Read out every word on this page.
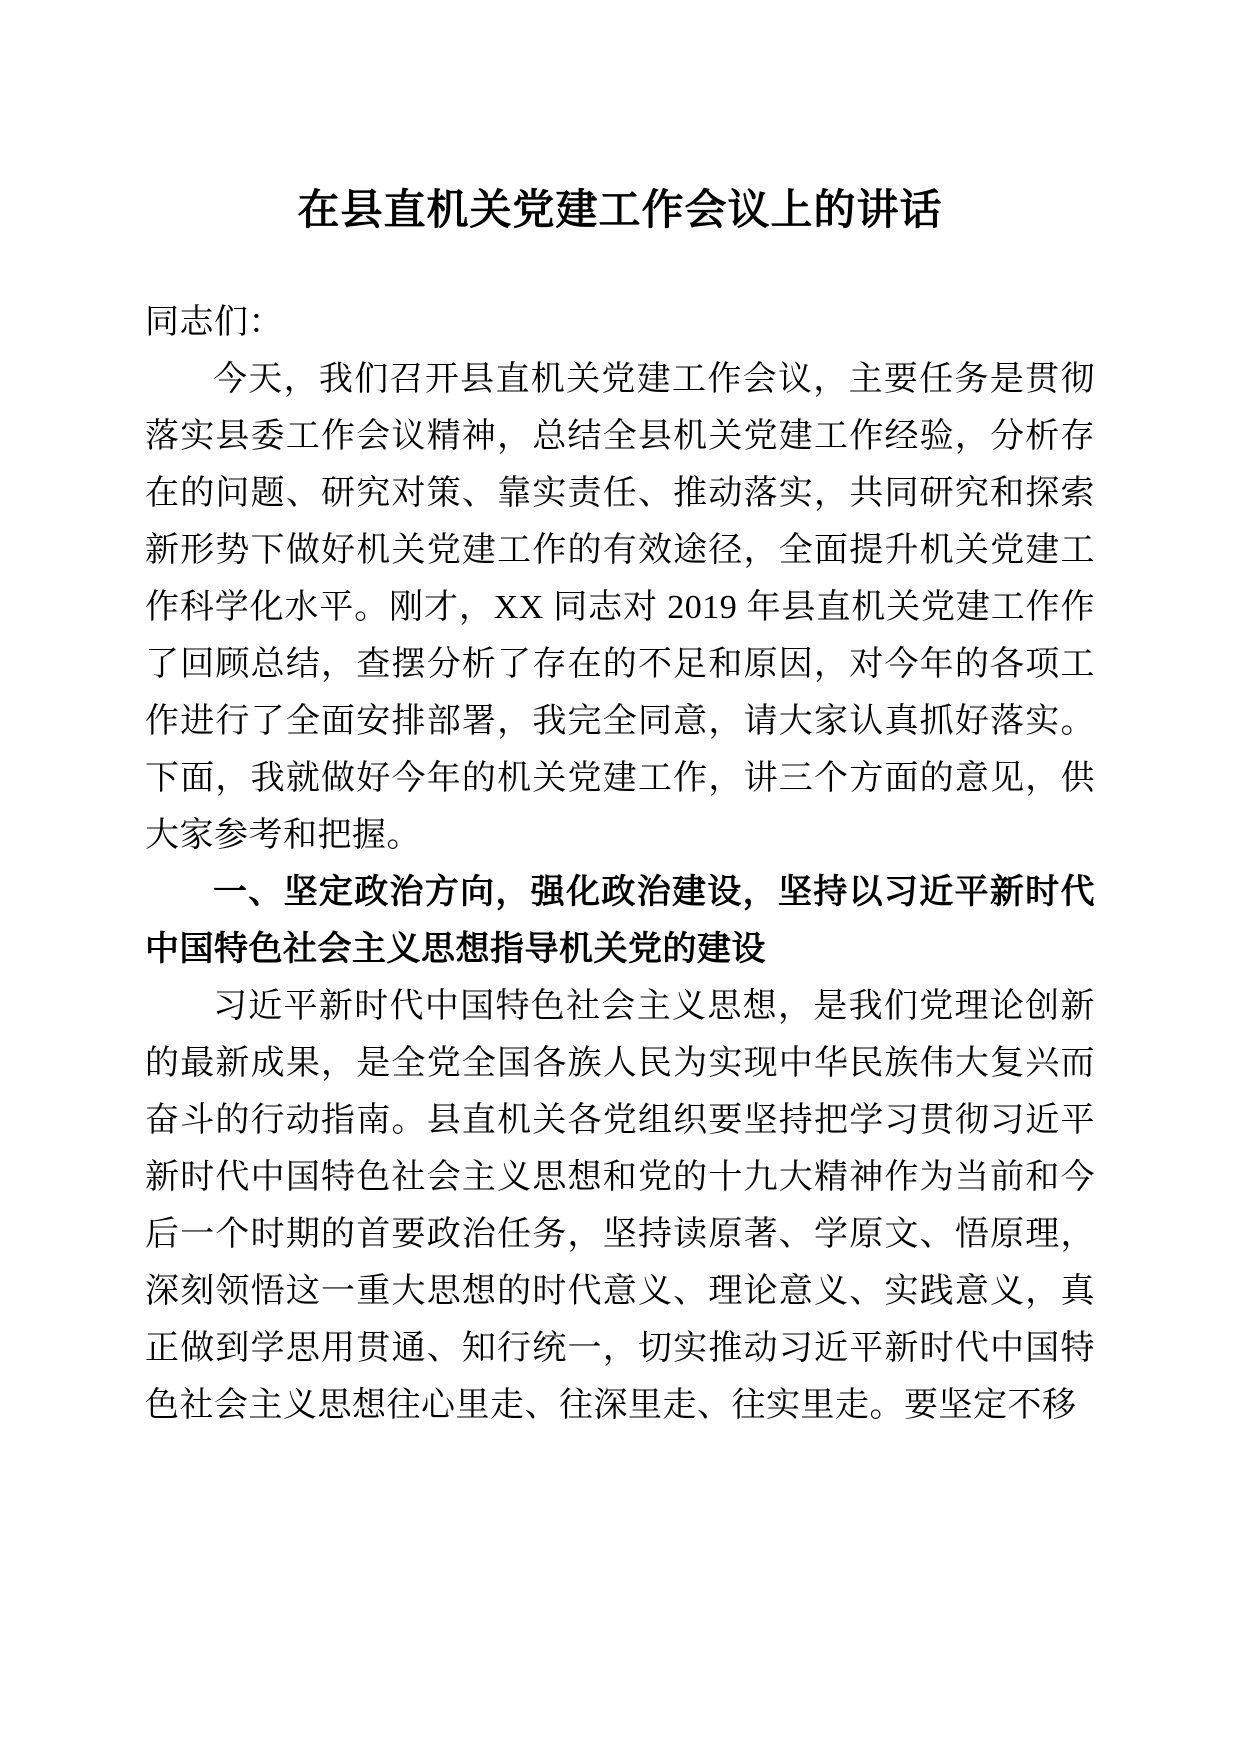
在县直机关党建工作会议上的讲话

同志们：

今天，我们召开县直机关党建工作会议，主要任务是贯彻落实县委工作会议精神，总结全县机关党建工作经验，分析存在的问题、研究对策、靠实责任、推动落实，共同研究和探索新形势下做好机关党建工作的有效途径，全面提升机关党建工作科学化水平。刚才，XX 同志对 2019 年县直机关党建工作作了回顾总结，查摆分析了存在的不足和原因，对今年的各项工作进行了全面安排部署，我完全同意，请大家认真抓好落实。下面，我就做好今年的机关党建工作，讲三个方面的意见，供大家参考和把握。

一、坚定政治方向，强化政治建设，坚持以习近平新时代中国特色社会主义思想指导机关党的建设

习近平新时代中国特色社会主义思想，是我们党理论创新的最新成果，是全党全国各族人民为实现中华民族伟大复兴而奋斗的行动指南。县直机关各党组织要坚持把学习贯彻习近平新时代中国特色社会主义思想和党的十九大精神作为当前和今后一个时期的首要政治任务，坚持读原著、学原文、悟原理，深刻领悟这一重大思想的时代意义、理论意义、实践意义，真正做到学思用贯通、知行统一，切实推动习近平新时代中国特色社会主义思想往心里走、往深里走、往实里走。要坚定不移
